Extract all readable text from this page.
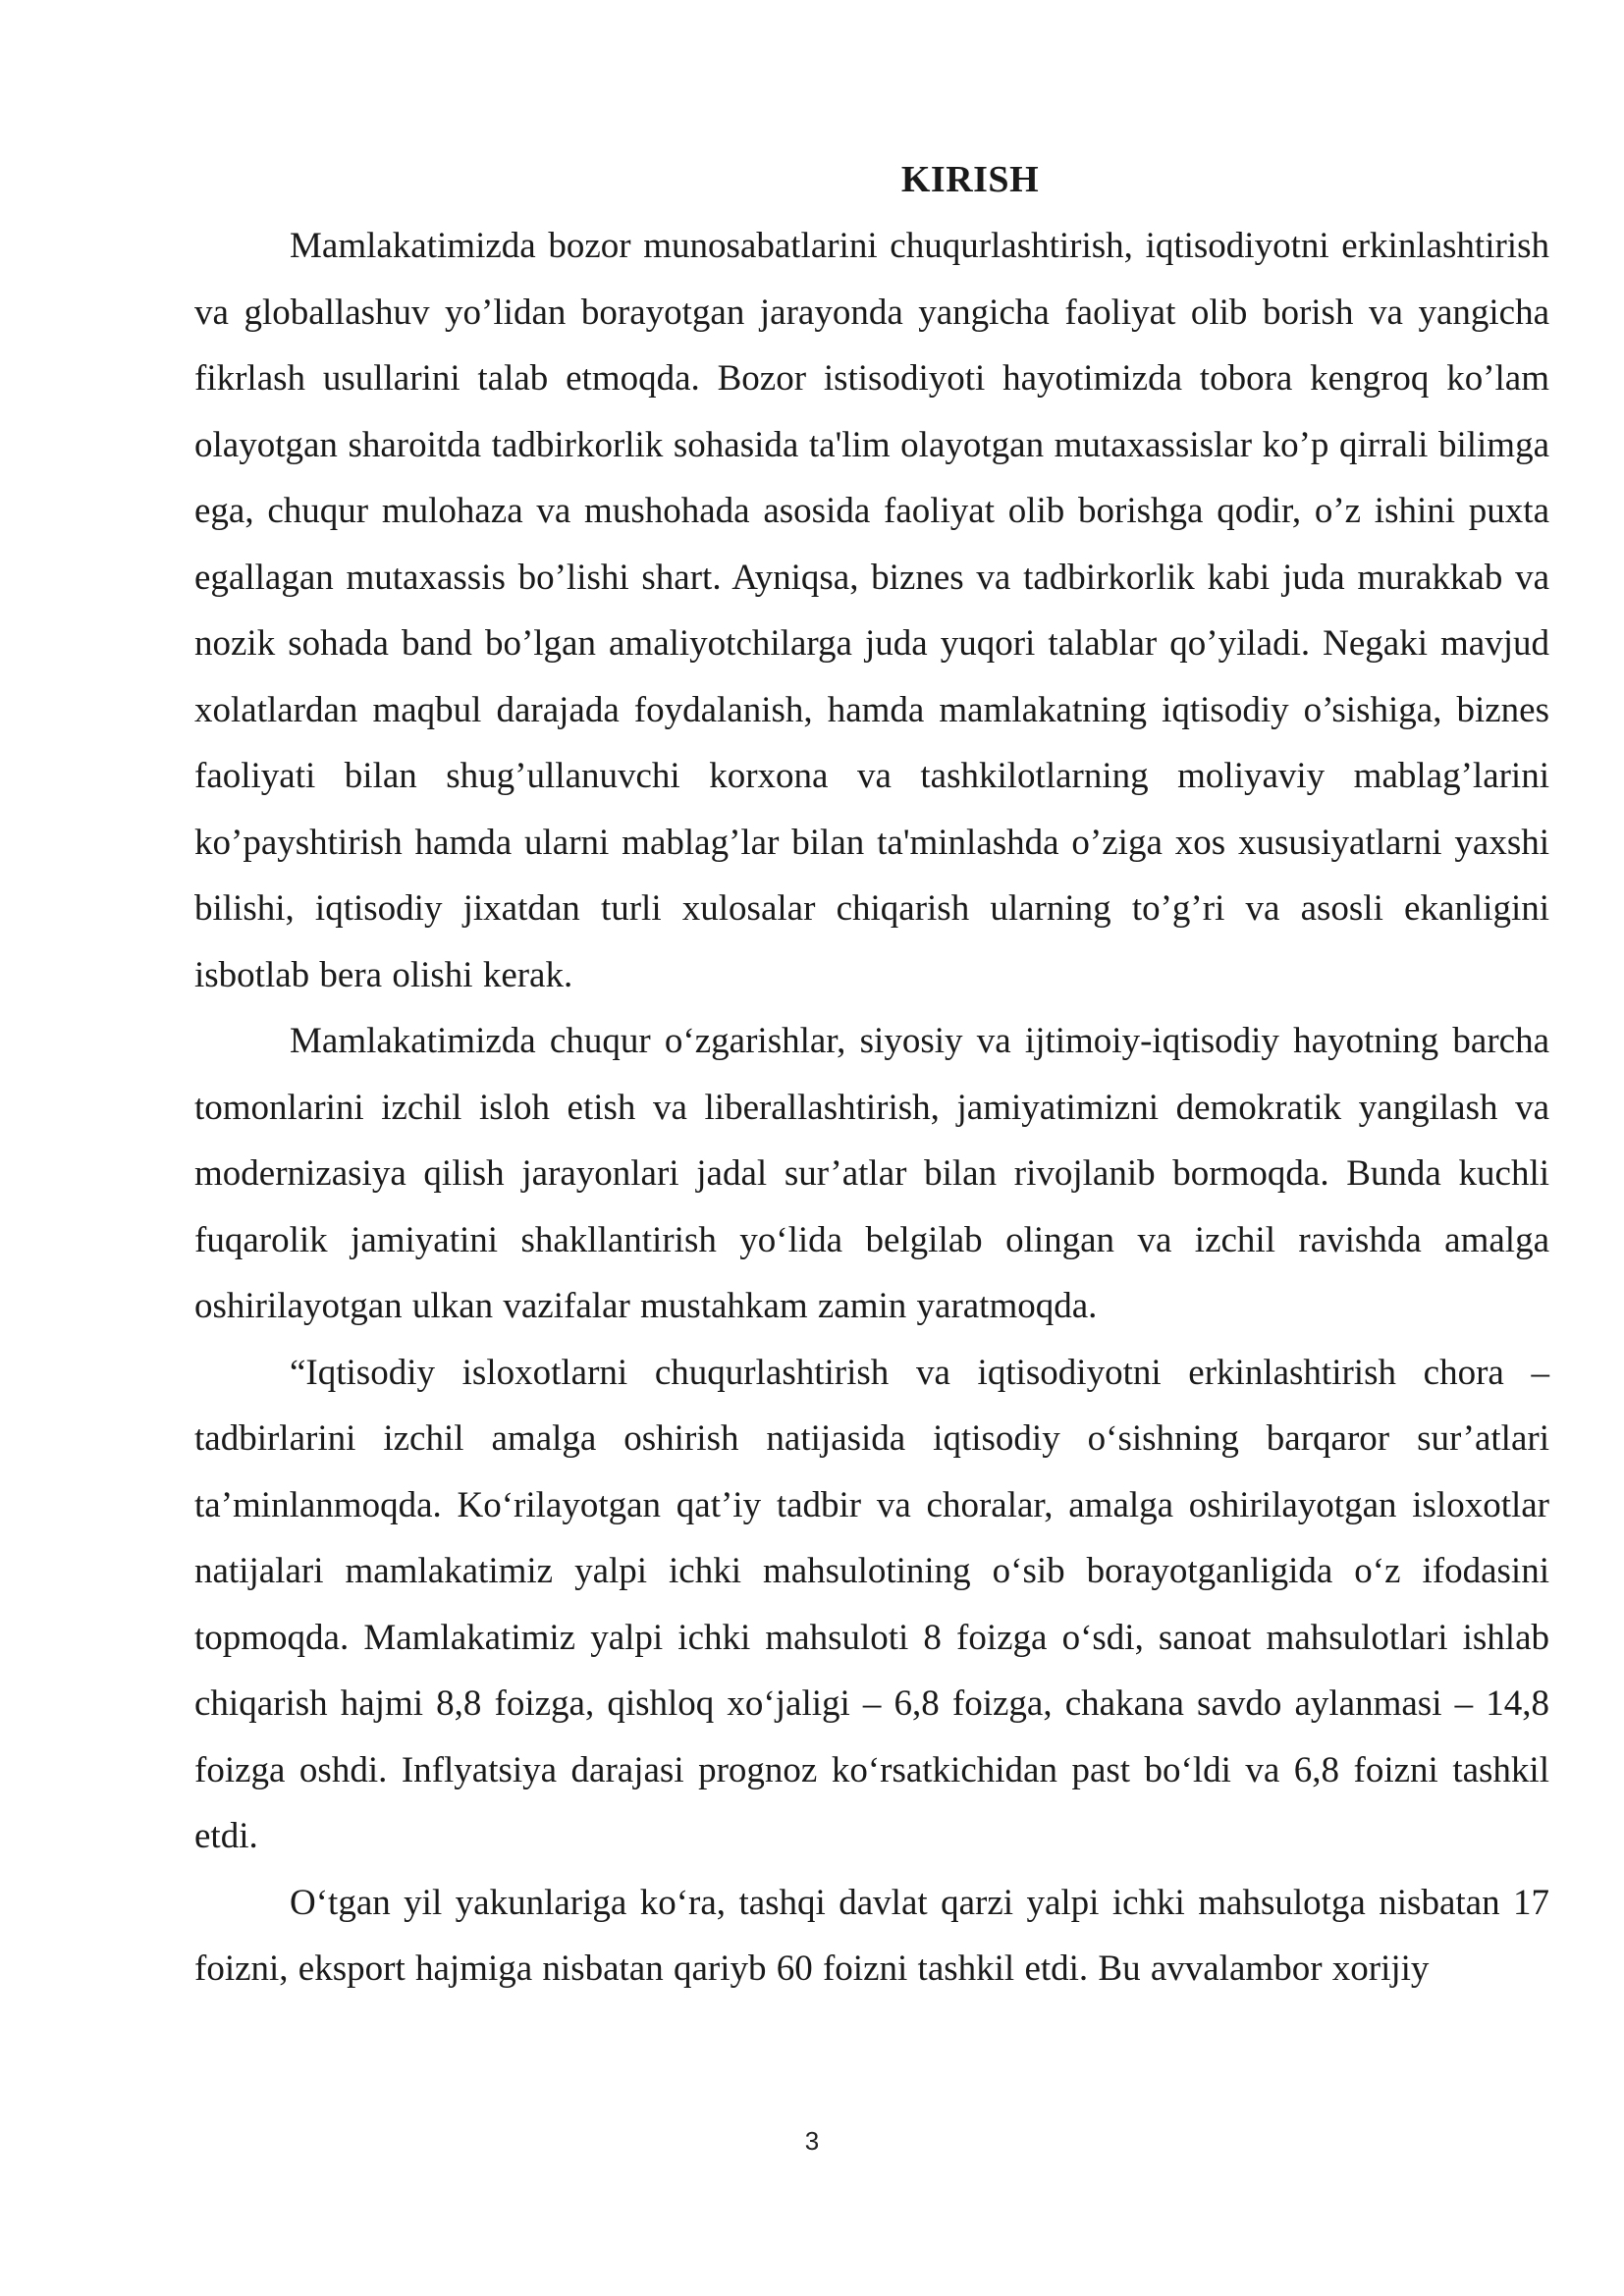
KIRISH

Mamlakatimizda bozor munosabatlarini chuqurlashtirish, iqtisodiyotni erkinlashtirish va globallashuv yo’lidan borayotgan jarayonda yangicha faoliyat olib borish va yangicha fikrlash usullarini talab etmoqda. Bozor istisodiyoti hayotimizda tobora kengroq ko’lam olayotgan sharoitda tadbirkorlik sohasida ta'lim olayotgan mutaxassislar ko’p qirrali bilimga ega, chuqur mulohaza va mushohada asosida faoliyat olib borishga qodir, o’z ishini puxta egallagan mutaxassis bo’lishi shart. Ayniqsa, biznes va tadbirkorlik kabi juda murakkab va nozik sohada band bo’lgan amaliyotchilarga juda yuqori talablar qo’yiladi. Negaki mavjud xolatlardan maqbul darajada foydalanish, hamda mamlakatning iqtisodiy o’sishiga, biznes faoliyati bilan shug’ullanuvchi korxona va tashkilotlarning moliyaviy mablag’larini ko’payshtirish hamda ularni mablag’lar bilan ta'minlashda o’ziga xos xususiyatlarni yaxshi bilishi, iqtisodiy jixatdan turli xulosalar chiqarish ularning to’g’ri va asosli ekanligini isbotlab bera olishi kerak.

Mamlakatimizda chuqur o‘zgarishlar, siyosiy va ijtimoiy-iqtisodiy hayotning barcha tomonlarini izchil isloh etish va liberallashtirish, jamiyatimizni demokratik yangilash va modernizasiya qilish jarayonlari jadal sur’atlar bilan rivojlanib bormoqda. Bunda kuchli fuqarolik jamiyatini shakllantirish yo‘lida belgilab olingan va izchil ravishda amalga oshirilayotgan ulkan vazifalar mustahkam zamin yaratmoqda.

“Iqtisodiy isloxotlarni chuqurlashtirish va iqtisodiyotni erkinlashtirish chora – tadbirlarini izchil amalga oshirish natijasida iqtisodiy o‘sishning barqaror sur’atlari ta’minlanmoqda. Ko‘rilayotgan qat’iy tadbir va choralar, amalga oshirilayotgan isloxotlar natijalari mamlakatimiz yalpi ichki mahsulotining o‘sib borayotganligida o‘z ifodasini topmoqda. Mamlakatimiz yalpi ichki mahsuloti 8 foizga o‘sdi, sanoat mahsulotlari ishlab chiqarish hajmi 8,8 foizga, qishloq xo‘jaligi – 6,8 foizga, chakana savdo aylanmasi – 14,8 foizga oshdi. Inflyatsiya darajasi prognoz ko‘rsatkichidan past bo‘ldi va 6,8 foizni tashkil etdi.

O‘tgan yil yakunlariga ko‘ra, tashqi davlat qarzi yalpi ichki mahsulotga nisbatan 17 foizni, eksport hajmiga nisbatan qariyb 60 foizni tashkil etdi. Bu avvalambor xorijiy

3
